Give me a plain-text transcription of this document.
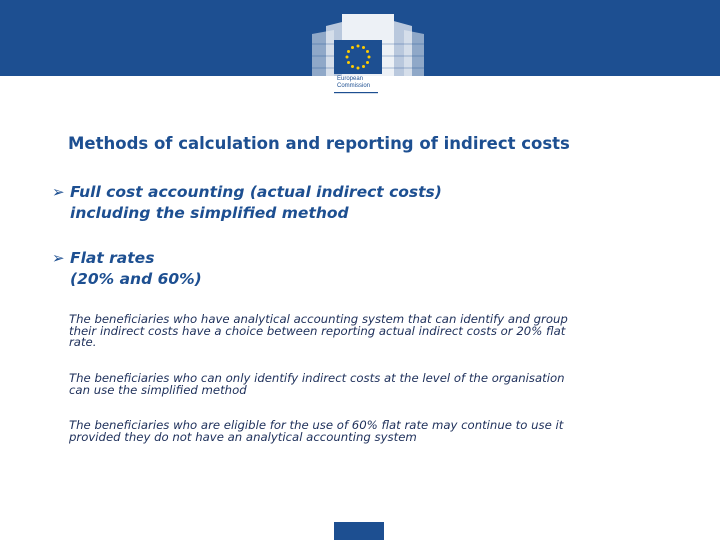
European
Commission
Methods of calculation and reporting of indirect costs
➢ Full cost accounting (actual indirect costs)
including the simplified method
➢ Flat rates
(20% and 60%)
The beneficiaries who have analytical accounting system that can identify and group
their indirect costs have a choice between reporting actual indirect costs or 20% flat
rate.
The beneficiaries who can only identify indirect costs at the level of the organisation
can use the simplified method
The beneficiaries who are eligible for the use of 60% flat rate may continue to use it
provided they do not have an analytical accounting system
